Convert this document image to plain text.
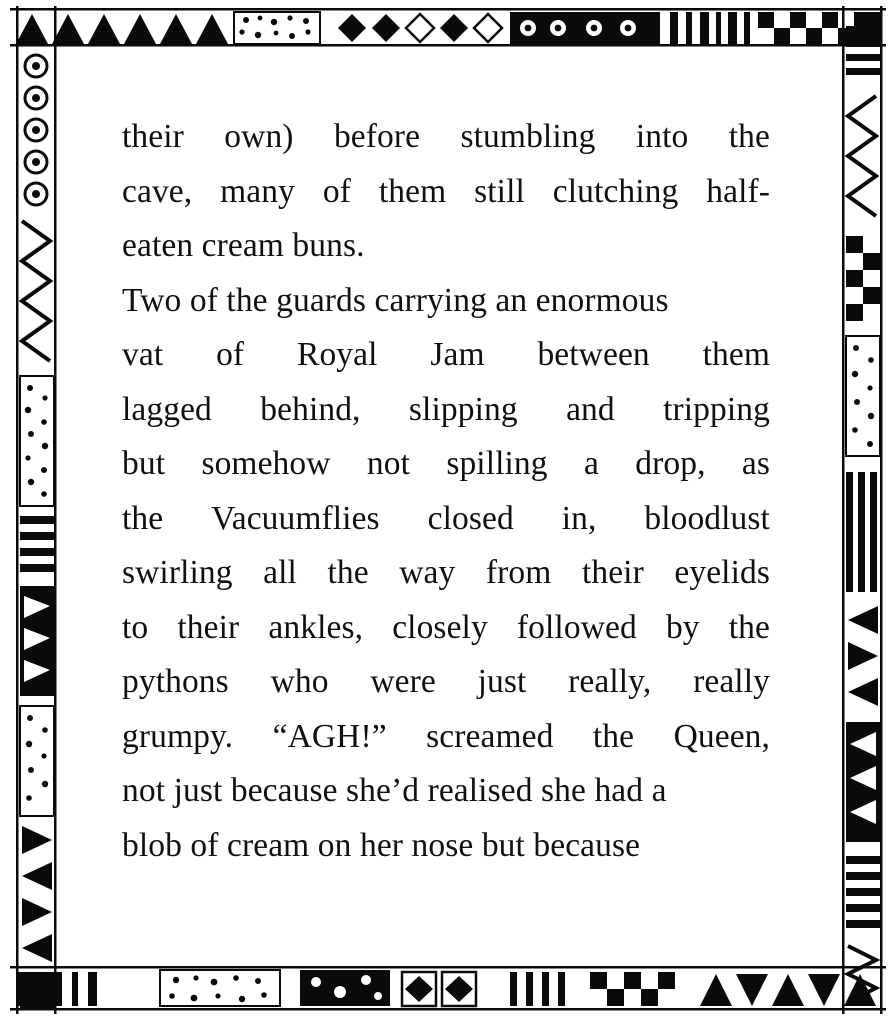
their own) before stumbling into the
cave, many of them still clutching half-
eaten cream buns.

Two of the guards carrying an enormous
vat of Royal Jam between them
lagged behind, slipping and tripping
but somehow not spilling a drop, as
the Vacuumflies closed in, bloodlust
swirling all the way from their eyelids
to their ankles, closely followed by the
pythons who were just really, really
grumpy. “AGH!” screamed the Queen,
not just because she’d realised she had a
blob of cream on her nose but because
